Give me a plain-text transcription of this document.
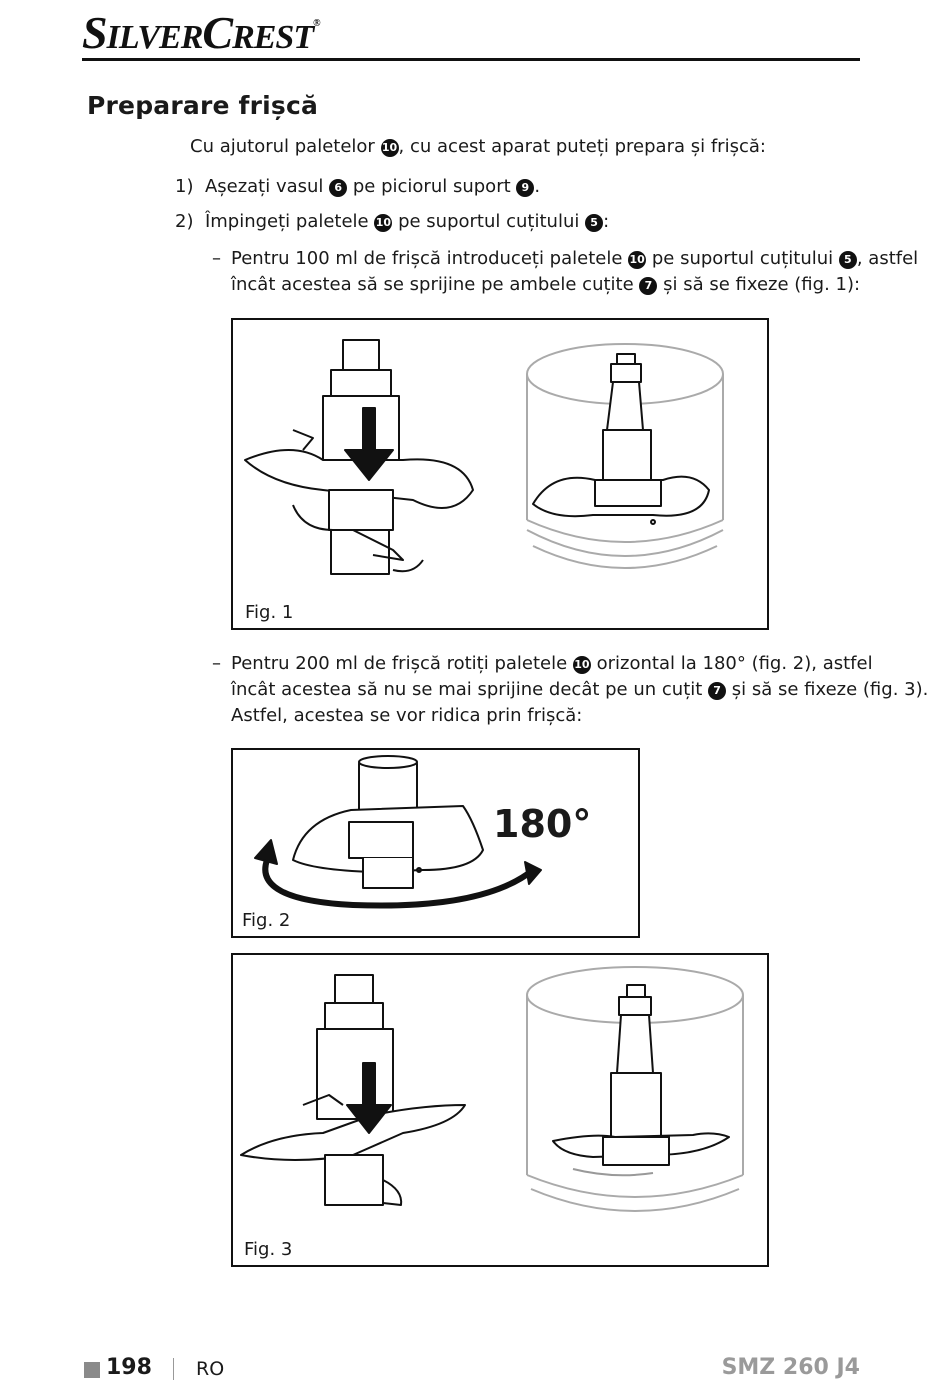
SILVERCREST®
Preparare frișcă
Cu ajutorul paletelor 10, cu acest aparat puteți prepara și frișcă:
1) Așezați vasul 6 pe piciorul suport 9 .
2) Împingeți paletele 10 pe suportul cuțitului 5 :
– Pentru 100 ml de frișcă introduceți paletele 10 pe suportul cuțitului 5 , astfel
încât acestea să se sprijine pe ambele cuțite 7 și să se fixeze (fig. 1):
Fig. 1
– Pentru 200 ml de frișcă rotiți paletele 10 orizontal la 180° (fig. 2), astfel
încât acestea să nu se mai sprijine decât pe un cuțit 7 și să se fixeze (fig. 3).
Astfel, acestea se vor ridica prin frișcă:
180°
Fig. 2
Fig. 3
198 RO	SMZ 260 J4
